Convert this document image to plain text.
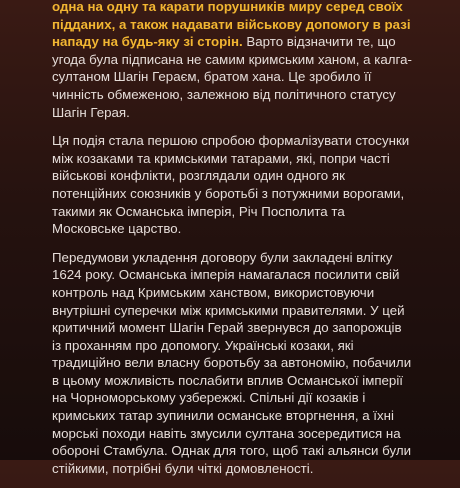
одна на одну та карати порушників миру серед своїх підданих, а також надавати військову допомогу в разі нападу на будь-яку зі сторін. Варто відзначити те, що угода була підписана не самим кримським ханом, а калга-султаном Шагін Гераєм, братом хана. Це зробило її чинність обмеженою, залежною від політичного статусу Шагін Герая.

Ця подія стала першою спробою формалізувати стосунки між козаками та кримськими татарами, які, попри часті військові конфлікти, розглядали один одного як потенційних союзників у боротьбі з потужними ворогами, такими як Османська імперія, Річ Посполита та Московське царство.

Передумови укладення договору були закладені влітку 1624 року. Османська імперія намагалася посилити свій контроль над Кримським ханством, використовуючи внутрішні суперечки між кримськими правителями. У цей критичний момент Шагін Герай звернувся до запорожців із проханням про допомогу. Українські козаки, які традиційно вели власну боротьбу за автономію, побачили в цьому можливість послабити вплив Османської імперії на Чорноморському узбережжі. Спільні дії козаків і кримських татар зупинили османське вторгнення, а їхні морські походи навіть змусили султана зосередитися на обороні Стамбула. Однак для того, щоб такі альянси були стійкими, потрібні були чіткі домовленості.
